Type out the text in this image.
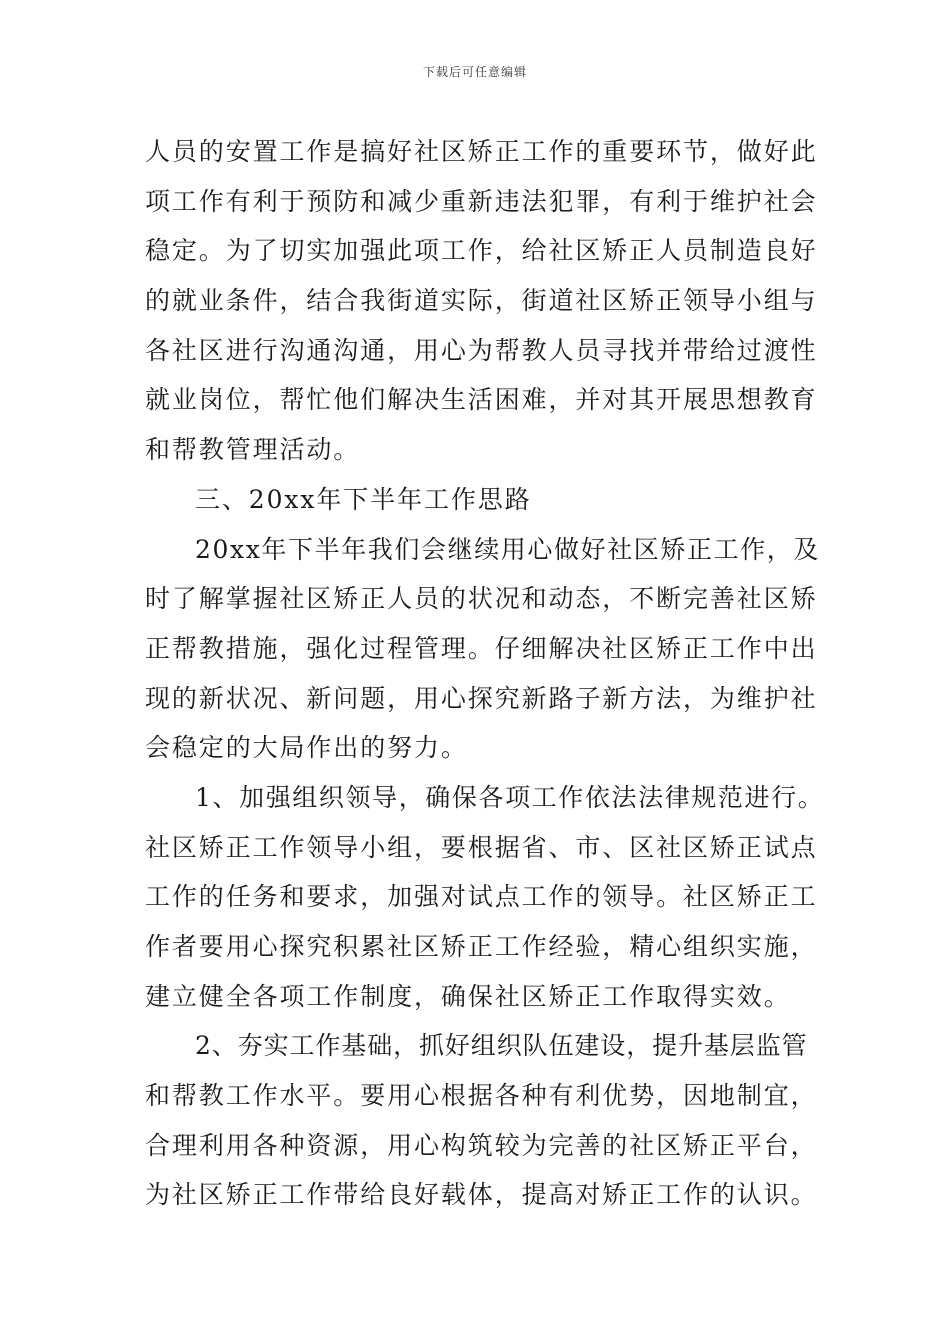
下载后可任意编辑
人员的安置工作是搞好社区矫正工作的重要环节，做好此
项工作有利于预防和减少重新违法犯罪，有利于维护社会
稳定。为了切实加强此项工作，给社区矫正人员制造良好
的就业条件，结合我街道实际，街道社区矫正领导小组与
各社区进行沟通沟通，用心为帮教人员寻找并带给过渡性
就业岗位，帮忙他们解决生活困难，并对其开展思想教育
和帮教管理活动。
三、20xx年下半年工作思路
20xx年下半年我们会继续用心做好社区矫正工作，及
时了解掌握社区矫正人员的状况和动态，不断完善社区矫
正帮教措施，强化过程管理。仔细解决社区矫正工作中出
现的新状况、新问题，用心探究新路子新方法，为维护社
会稳定的大局作出的努力。
1、加强组织领导，确保各项工作依法法律规范进行。
社区矫正工作领导小组，要根据省、市、区社区矫正试点
工作的任务和要求，加强对试点工作的领导。社区矫正工
作者要用心探究积累社区矫正工作经验，精心组织实施，
建立健全各项工作制度，确保社区矫正工作取得实效。
2、夯实工作基础，抓好组织队伍建设，提升基层监管
和帮教工作水平。要用心根据各种有利优势，因地制宜，
合理利用各种资源，用心构筑较为完善的社区矫正平台，
为社区矫正工作带给良好载体，提高对矫正工作的认识。
